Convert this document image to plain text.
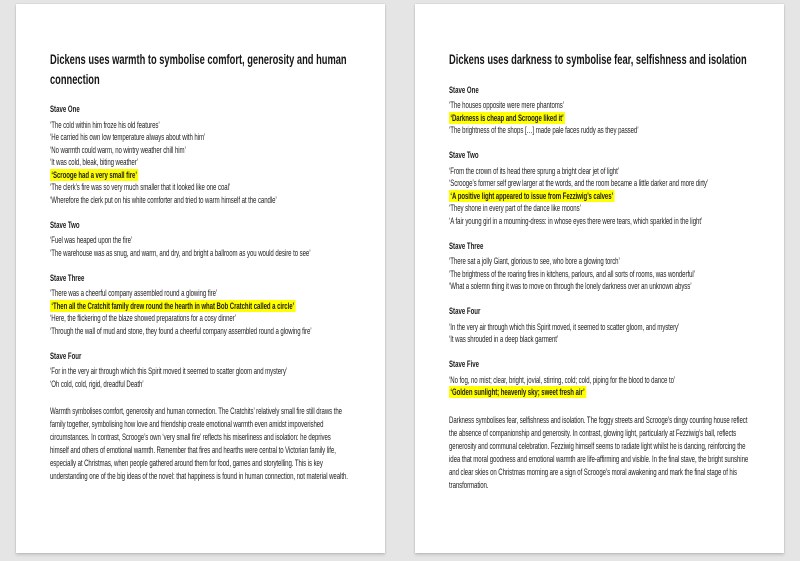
Dickens uses warmth to symbolise comfort, generosity and human connection
Stave One

‘The cold within him froze his old features’

‘He carried his own low temperature always about with him’

‘No warmth could warm, no wintry weather chill him’

‘It was cold, bleak, biting weather’

‘Scrooge had a very small fire’

‘The clerk’s fire was so very much smaller that it looked like one coal’

‘Wherefore the clerk put on his white comforter and tried to warm himself at the candle’

Stave Two

‘Fuel was heaped upon the fire’

‘The warehouse was as snug, and warm, and dry, and bright a ballroom as you would desire to see’

Stave Three

‘There was a cheerful company assembled round a glowing fire’

‘Then all the Cratchit family drew round the hearth in what Bob Cratchit called a circle’

‘Here, the flickering of the blaze showed preparations for a cosy dinner’

‘Through the wall of mud and stone, they found a cheerful company assembled round a glowing fire’

Stave Four

‘For in the very air through which this Spirit moved it seemed to scatter gloom and mystery’

‘Oh cold, cold, rigid, dreadful Death’

Warmth symbolises comfort, generosity and human connection. The Cratchits’ relatively small fire still draws the family together, symbolising how love and friendship create emotional warmth even amidst impoverished circumstances. In contrast, Scrooge’s own ‘very small fire’ reflects his miserliness and isolation: he deprives himself and others of emotional warmth. Remember that fires and hearths were central to Victorian family life, especially at Christmas, when people gathered around them for food, games and storytelling. This is key understanding one of the big ideas of the novel: that happiness is found in human connection, not material wealth.

Dickens uses darkness to symbolise fear, selfishness and isolation
Stave One

‘The houses opposite were mere phantoms’

‘Darkness is cheap and Scrooge liked it’

‘The brightness of the shops […] made pale faces ruddy as they passed’

Stave Two

‘From the crown of its head there sprung a bright clear jet of light’

‘Scrooge’s former self grew larger at the words, and the room became a little darker and more dirty’

‘A positive light appeared to issue from Fezziwig’s calves’

‘They shone in every part of the dance like moons’

‘A fair young girl in a mourning-dress: in whose eyes there were tears, which sparkled in the light’

Stave Three

‘There sat a jolly Giant, glorious to see, who bore a glowing torch’

‘The brightness of the roaring fires in kitchens, parlours, and all sorts of rooms, was wonderful’

‘What a solemn thing it was to move on through the lonely darkness over an unknown abyss’

Stave Four

‘In the very air through which this Spirit moved, it seemed to scatter gloom, and mystery’

‘It was shrouded in a deep black garment’

Stave Five

‘No fog, no mist; clear, bright, jovial, stirring, cold; cold, piping for the blood to dance to’

‘Golden sunlight; heavenly sky; sweet fresh air’

Darkness symbolises fear, selfishness and isolation. The foggy streets and Scrooge’s dingy counting house reflect the absence of companionship and generosity. In contrast, glowing light, particularly at Fezziwig’s ball, reflects generosity and communal celebration. Fezziwig himself seems to radiate light whilst he is dancing, reinforcing the idea that moral goodness and emotional warmth are life-affirming and visible. In the final stave, the bright sunshine and clear skies on Christmas morning are a sign of Scrooge’s moral awakening and mark the final stage of his transformation.
